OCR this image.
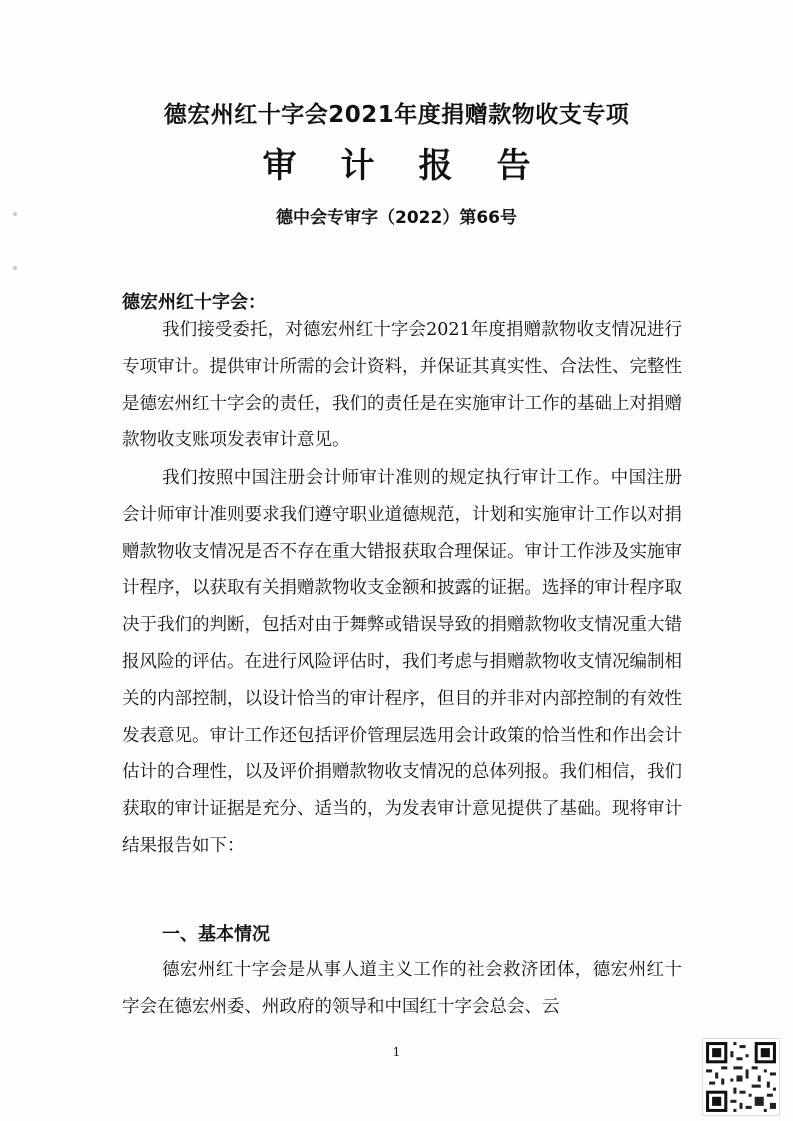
德宏州红十字会2021年度捐赠款物收支专项
审计报告
德中会专审字（2022）第66号
德宏州红十字会：

我们接受委托，对德宏州红十字会2021年度捐赠款物收支情况进行专项审计。提供审计所需的会计资料，并保证其真实性、合法性、完整性是德宏州红十字会的责任，我们的责任是在实施审计工作的基础上对捐赠款物收支账项发表审计意见。

我们按照中国注册会计师审计准则的规定执行审计工作。中国注册会计师审计准则要求我们遵守职业道德规范，计划和实施审计工作以对捐赠款物收支情况是否不存在重大错报获取合理保证。审计工作涉及实施审计程序，以获取有关捐赠款物收支金额和披露的证据。选择的审计程序取决于我们的判断，包括对由于舞弊或错误导致的捐赠款物收支情况重大错报风险的评估。在进行风险评估时，我们考虑与捐赠款物收支情况编制相关的内部控制，以设计恰当的审计程序，但目的并非对内部控制的有效性发表意见。审计工作还包括评价管理层选用会计政策的恰当性和作出会计估计的合理性，以及评价捐赠款物收支情况的总体列报。我们相信，我们获取的审计证据是充分、适当的，为发表审计意见提供了基础。现将审计结果报告如下：

一、基本情况

德宏州红十字会是从事人道主义工作的社会救济团体，德宏州红十字会在德宏州委、州政府的领导和中国红十字会总会、云

1
